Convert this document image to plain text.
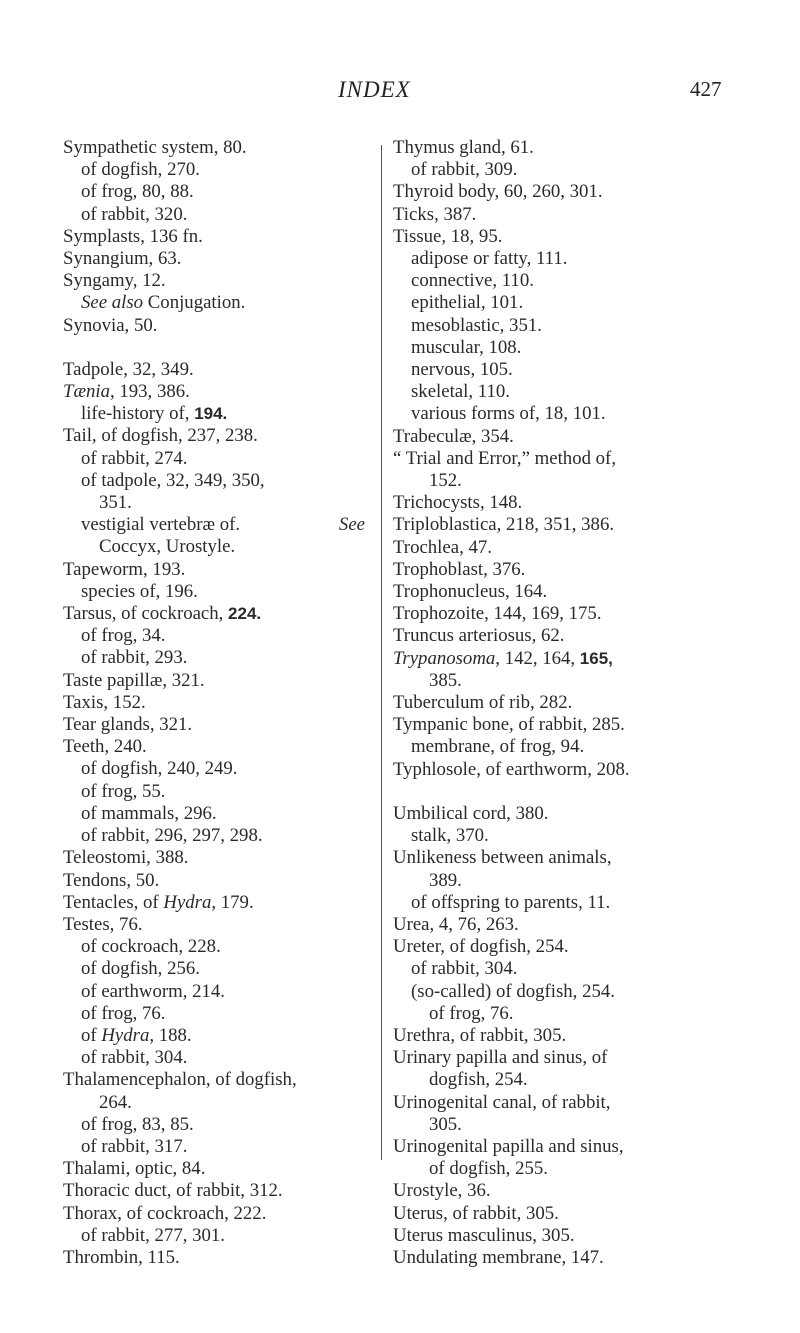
INDEX	427
Sympathetic system, 80.
of dogfish, 270.
of frog, 80, 88.
of rabbit, 320.
Symplasts, 136 fn.
Synangium, 63.
Syngamy, 12.
See also Conjugation.
Synovia, 50.
Tadpole, 32, 349.
Tænia, 193, 386.
life-history of, 194.
Tail, of dogfish, 237, 238.
of rabbit, 274.
of tadpole, 32, 349, 350,
351.
vestigial vertebræ of.	See
Coccyx, Urostyle.
Tapeworm, 193.
species of, 196.
Tarsus, of cockroach, 224.
of frog, 34.
of rabbit, 293.
Taste papillæ, 321.
Taxis, 152.
Tear glands, 321.
Teeth, 240.
of dogfish, 240, 249.
of frog, 55.
of mammals, 296.
of rabbit, 296, 297, 298.
Teleostomi, 388.
Tendons, 50.
Tentacles, of Hydra, 179.
Testes, 76.
of cockroach, 228.
of dogfish, 256.
of earthworm, 214.
of frog, 76.
of Hydra, 188.
of rabbit, 304.
Thalamencephalon, of dogfish,
264.
of frog, 83, 85.
of rabbit, 317.
Thalami, optic, 84.
Thoracic duct, of rabbit, 312.
Thorax, of cockroach, 222.
of rabbit, 277, 301.
Thrombin, 115.
Thymus gland, 61.
of rabbit, 309.
Thyroid body, 60, 260, 301.
Ticks, 387.
Tissue, 18, 95.
adipose or fatty, 111.
connective, 110.
epithelial, 101.
mesoblastic, 351.
muscular, 108.
nervous, 105.
skeletal, 110.
various forms of, 18, 101.
Trabeculæ, 354.
“ Trial and Error,” method of,
152.
Trichocysts, 148.
Triploblastica, 218, 351, 386.
Trochlea, 47.
Trophoblast, 376.
Trophonucleus, 164.
Trophozoite, 144, 169, 175.
Truncus arteriosus, 62.
Trypanosoma, 142, 164, 165,
385.
Tuberculum of rib, 282.
Tympanic bone, of rabbit, 285.
membrane, of frog, 94.
Typhlosole, of earthworm, 208.
Umbilical cord, 380.
stalk, 370.
Unlikeness between animals,
389.
of offspring to parents, 11.
Urea, 4, 76, 263.
Ureter, of dogfish, 254.
of rabbit, 304.
(so-called) of dogfish, 254.
of frog, 76.
Urethra, of rabbit, 305.
Urinary papilla and sinus, of
dogfish, 254.
Urinogenital canal, of rabbit,
305.
Urinogenital papilla and sinus,
of dogfish, 255.
Urostyle, 36.
Uterus, of rabbit, 305.
Uterus masculinus, 305.
Undulating membrane, 147.
